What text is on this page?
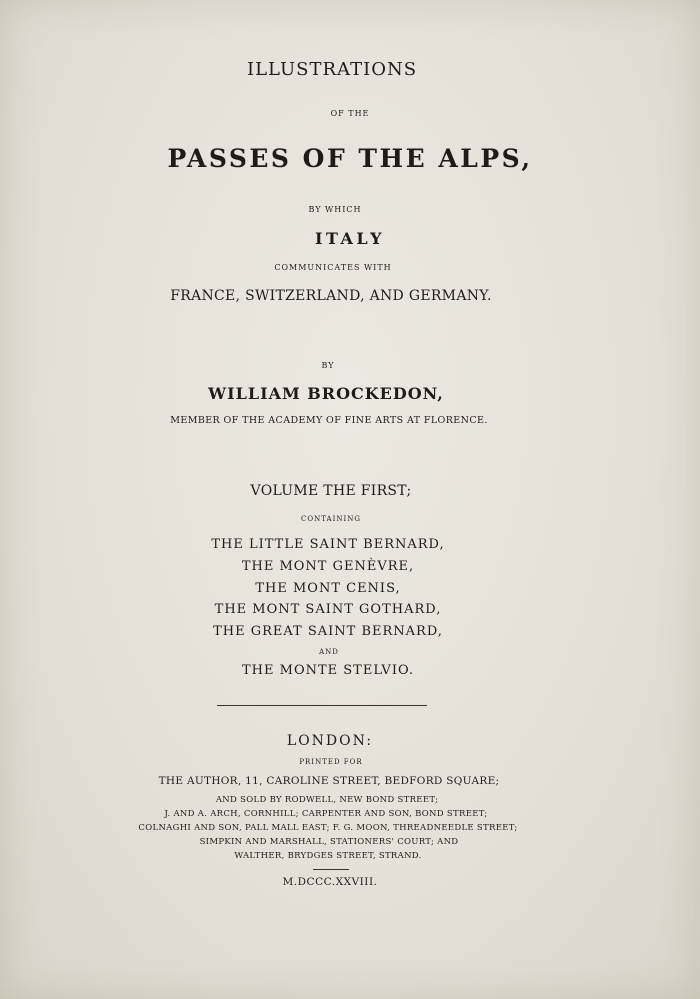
ILLUSTRATIONS
OF THE
PASSES OF THE ALPS,
BY WHICH
ITALY
COMMUNICATES WITH
FRANCE, SWITZERLAND, AND GERMANY.
BY
WILLIAM BROCKEDON,
MEMBER OF THE ACADEMY OF FINE ARTS AT FLORENCE.
VOLUME THE FIRST;
CONTAINING
THE LITTLE SAINT BERNARD,
THE MONT GENÈVRE,
THE MONT CENIS,
THE MONT SAINT GOTHARD,
THE GREAT SAINT BERNARD,
AND
THE MONTE STELVIO.
LONDON:
PRINTED FOR
THE AUTHOR, 11, CAROLINE STREET, BEDFORD SQUARE;
AND SOLD BY RODWELL, NEW BOND STREET;
J. AND A. ARCH, CORNHILL; CARPENTER AND SON, BOND STREET;
COLNAGHI AND SON, PALL MALL EAST; F. G. MOON, THREADNEEDLE STREET;
SIMPKIN AND MARSHALL, STATIONERS' COURT; AND
WALTHER, BRYDGES STREET, STRAND.
M.DCCC.XXVIII.
